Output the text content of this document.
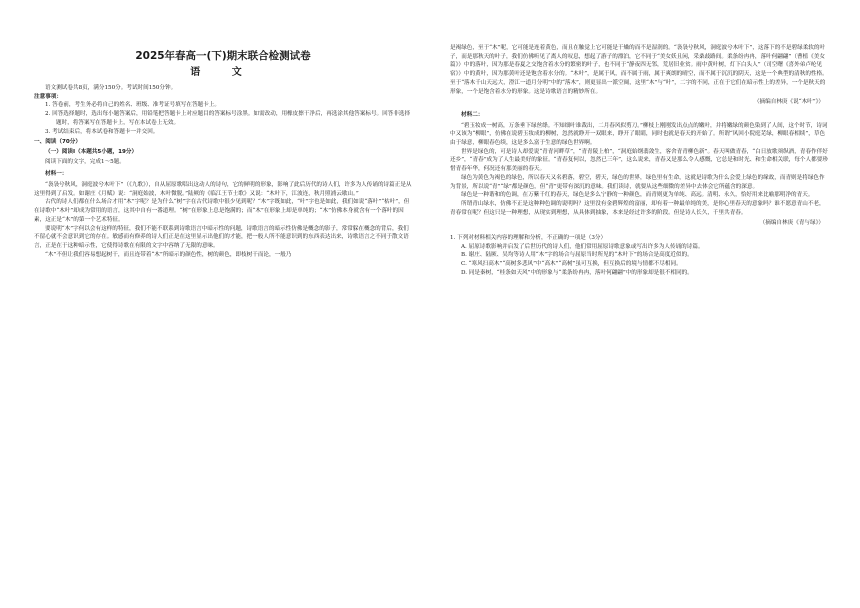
2025年春高一(下)期末联合检测试卷
语 文

语文测试卷共8页，满分150分。考试时间150分钟。

注意事项：

1. 答卷前，考生务必将自己的姓名、班级、准考证号填写在答题卡上。

2. 回答选择题时，选出每小题答案后，用铅笔把答题卡上对应题目的答案标号涂黑。如需改动，用橡皮擦干净后，再选涂其他答案标号。回答非选择题时，将答案写在答题卡上，写在本试卷上无效。

3. 考试结束后，将本试卷和答题卡一并交回。

一、阅读（70分）

（一）阅读Ⅰ（本题共5小题，19分）

阅读下面的文字，完成1～5题。

材料一：

“袅袅兮秋风，洞庭波兮木叶下”（《九歌》），自从屈原歌唱出这动人的诗句，它的鲜明的形象，影响了此后历代的诗人们，许多为人传诵的诗篇正是从这里得到了启发。如谢庄《月赋》说：“洞庭始波，木叶微脱。”陆厥的《临江王节士歌》又说：“木叶下，江波连，秋月照浦云歇山。”

古代的诗人们都在什么场合才用“木”字呢？是为什么“树”字在古代诗歌中很少见到呢？“木”字既如此，“叶”字也是如此，我们如说“落叶”“枯叶”，但在诗歌中“木叶”却成为常用的语言，这其中自有一番道理。“树”在形象上总是饱满的；而“木”在形象上却是单纯的；“木”仿佛本身就含有一个落叶的因素，这正是“木”的第一个艺术特征。

要说明“木”字何以会有这样的特征，我们不能不联系到诗歌语言中暗示性的问题，诗歌语言的暗示性仿佛是概念的影子，常常躲在概念的背后，我们不留心就不会意识到它的存在。敏感而有修养的诗人们正是在这里显示出他们的才能，把一般人所不能意识到的东西表达出来，诗歌语言之不同于散文语言，正是在于这种暗示性，它使得诗歌在有限的文字中容纳了无限的意味。

“木”不但让我们容易想起树干，而且连带着“木”所暗示的颜色性，树的颜色，即枝树干而论，一般乃

是褐绿色，至于“木”呢，它可能是连着黄色，而且在触觉上它可能是干燥的而不是湿润的。“袅袅兮秋风，洞庭波兮木叶下”，这落下的不是碧绿柔软的叶子，而是那秋天的叶子，我们仿佛听见了离人的叹息，想起了游子的漂泊，它不同于“美女妖且闲，采桑歧路间。柔条纷冉冉，落叶何翩翩”（曹植《美女篇》）中的落叶，因为那是春夏之交饱含着水分的繁密的叶子，也不同于“静夜四无邻，荒居旧业贫。雨中黄叶树，灯下白头人”（司空曙《喜外弟卢纶见宿》）中的黄叶，因为那黄叶还是饱含着水分的。“木叶”，是属于风，而不属于雨，属于爽朗的晴空，而不属于沉沉的阴天，这是一个典型的清秋的性格。至于“落木千山天远大，澄江一道月分明”中的“落木”，则更显出一派空阔，这里“木”与“叶”，二字的不同，正在于它们在暗示性上的差异，一个是秋天的形象，一个是饱含着水分的形象。这是诗歌语言的精妙所在。

（摘编自林庚《说“木叶”》）

材料二：

“碧玉妆成一树高，万条垂下绿丝绦。不知细叶谁裁出，二月春风似剪刀。”柳枝上刚刚发出点点的嫩叶，并将嫩绿的颜色染到了人间，这个时节，诗词中又该为“柳眼”，仿佛在说碧玉妆成的柳树，忽然就睁开一双眼来，睁开了眼睛，同时也就是春天的开始了。所谓“风回小院庭芜绿，柳眼春相续”，草色由于绿意，柳眼春色续，这是多么富于生意的绿色世界啊。

世界是绿色的，可是诗人却爱说“青青河畔草”，“青青陵上柏”，“洞庭始纲翡敛生，客舍青青柳色新”。春天叫做青春，“白日放歌须纵酒，青春作伴好还乡”，“青春”成为了人生最美好的象征。“青春复何以，忽然已三年”，这么说来，青春又是那么令人感慨，它总是和时光、和生命相关联，每个人都要珍惜青春年华，何况还有那美丽的春天。

绿色为黄色为褐色的绿色，所以春天又名碧落，碧空，碧天，绿色的世界，绿色里有生命，这就是诗歌为什么会爱上绿色的缘故，而青则是将绿色作为背景，所以说“青”“绿”都是颜色，但“青”更带有深沉的意味。我们读诗，就要从这些细微的差异中去体会它所蕴含的深意。

绿色是一种谐和的色调，在万紫千红的春天，绿色是多么宁静的一种颜色，而青则更为单纯、高远。清明、永久，恰好用来比喻那明净的青天。

所谓青山绿水，仿佛不正是这种种色调的说明吗？这里没有金碧辉煌的富丽，却有着一种最单纯的美，是你心里春天的意象吗？谁不愿意青山不老，青春常在呢？但这只是一种理想，从现实到理想，从具体到抽象，本来是经过许多的阶段。但是诗人长久，千里共青春。

（摘编自林庚《青与绿》）

1. 下列对材料相关内容的理解和分析，不正确的一项是（3分）

A. 屈原诗歌影响并启发了后世历代的诗人们，他们常用屈原诗歌意象或写出许多为人传诵的诗篇。

B. 谢庄、陆厥、吴均等诗人用“木”字的场合与屈原当时所见的“木叶下”的场合是高度近似的。

C. “寒风扫高木”“高树多悲风”中“高木”“高树”虽可互换，但互换后的境与情都不尽相同。

D. 同是秦树，“桂条如天风”中的形象与“柔条纷冉冉，落叶何翩翩”中的形象却是很不相同的。
